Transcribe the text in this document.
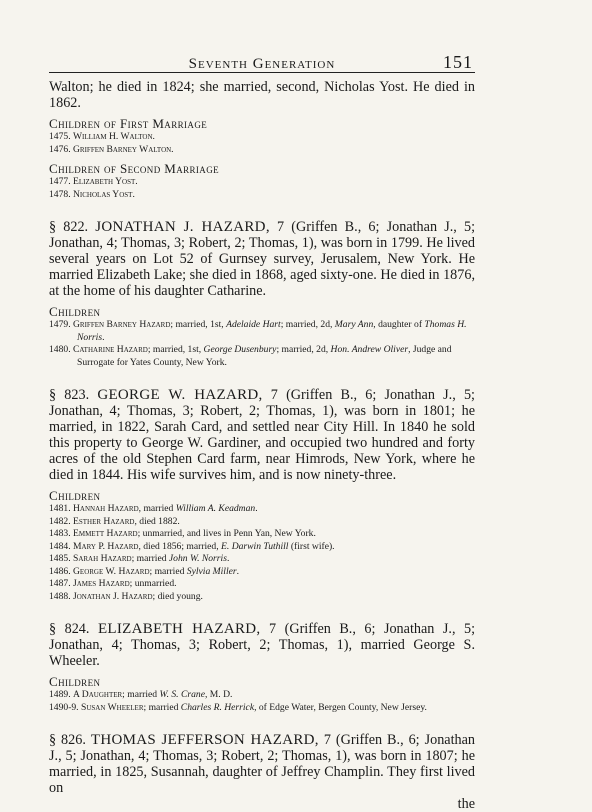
Seventh Generation	151

Walton; he died in 1824; she married, second, Nicholas Yost. He died in 1862.

Children of First Marriage
1475. William H. Walton.
1476. Griffen Barney Walton.
Children of Second Marriage
1477. Elizabeth Yost.
1478. Nicholas Yost.

§ 822. JONATHAN J. HAZARD, 7 (Griffen B., 6; Jonathan J., 5; Jonathan, 4; Thomas, 3; Robert, 2; Thomas, 1), was born in 1799. He lived several years on Lot 52 of Gurnsey survey, Jerusalem, New York. He married Elizabeth Lake; she died in 1868, aged sixty-one. He died in 1876, at the home of his daughter Catharine.

Children
1479. Griffen Barney Hazard; married, 1st, Adelaide Hart; married, 2d, Mary Ann, daughter of Thomas H. Norris.
1480. Catharine Hazard; married, 1st, George Dusenbury; married, 2d, Hon. Andrew Oliver, Judge and Surrogate for Yates County, New York.

§ 823. GEORGE W. HAZARD, 7 (Griffen B., 6; Jonathan J., 5; Jonathan, 4; Thomas, 3; Robert, 2; Thomas, 1), was born in 1801; he married, in 1822, Sarah Card, and settled near City Hill. In 1840 he sold this property to George W. Gardiner, and occupied two hundred and forty acres of the old Stephen Card farm, near Himrods, New York, where he died in 1844. His wife survives him, and is now ninety-three.

Children
1481. Hannah Hazard, married William A. Keadman.
1482. Esther Hazard, died 1882.
1483. Emmett Hazard; unmarried, and lives in Penn Yan, New York.
1484. Mary P. Hazard, died 1856; married, E. Darwin Tuthill (first wife).
1485. Sarah Hazard; married John W. Norris.
1486. George W. Hazard; married Sylvia Miller.
1487. James Hazard; unmarried.
1488. Jonathan J. Hazard; died young.

§ 824. ELIZABETH HAZARD, 7 (Griffen B., 6; Jonathan J., 5; Jonathan, 4; Thomas, 3; Robert, 2; Thomas, 1), married George S. Wheeler.

Children
1489. A Daughter; married W. S. Crane, M. D.
1490-9. Susan Wheeler; married Charles R. Herrick, of Edge Water, Bergen County, New Jersey.

§ 826. THOMAS JEFFERSON HAZARD, 7 (Griffen B., 6; Jonathan J., 5; Jonathan, 4; Thomas, 3; Robert, 2; Thomas, 1), was born in 1807; he married, in 1825, Susannah, daughter of Jeffrey Champlin. They first lived on

the
